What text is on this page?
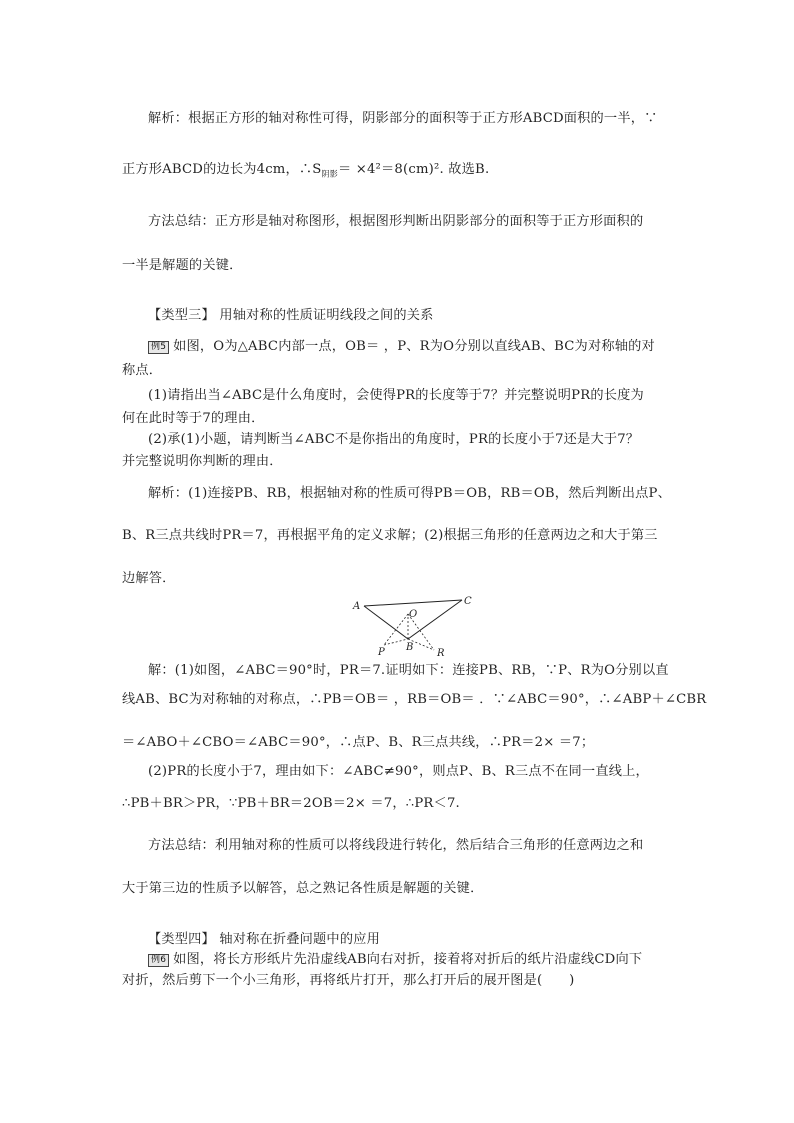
解析：根据正方形的轴对称性可得，阴影部分的面积等于正方形ABCD面积的一半，∵
正方形ABCD的边长为4cm，$\therefore S_{阴影}= \times 4^2=8(cm)^2$. 故选B.
方法总结：正方形是轴对称图形，根据图形判断出阴影部分的面积等于正方形面积的
一半是解题的关键．
【类型三】 用轴对称的性质证明线段之间的关系
例5 如图，O为△ABC内部一点，OB＝ ，P、R为O分别以直线AB、BC为对称轴的对
称点．
(1)请指出当∠ABC是什么角度时，会使得PR的长度等于7？并完整说明PR的长度为
何在此时等于7的理由．
(2)承(1)小题，请判断当∠ABC不是你指出的角度时，PR的长度小于7还是大于7？
并完整说明你判断的理由．
解析：(1)连接PB、RB，根据轴对称的性质可得PB＝OB，RB＝OB，然后判断出点P、
B、R三点共线时PR＝7，再根据平角的定义求解；(2)根据三角形的任意两边之和大于第三
边解答．
A	C
O
P B
R
解：(1)如图，∠ABC＝90°时，PR＝7.证明如下：连接PB、RB，∵P、R为O分别以直
线AB、BC为对称轴的对称点，∴PB＝OB＝ ，RB＝OB＝ ．∵∠ABC＝90°，∴∠ABP＋∠CBR
＝∠ABO＋∠CBO＝∠ABC＝90°，∴点P、B、R三点共线，∴PR＝2× ＝7；
(2)PR的长度小于7，理由如下：∠ABC≠90°，则点P、B、R三点不在同一直线上，
∴PB＋BR＞PR，∵PB＋BR＝2OB＝2× ＝7，∴PR＜7.
方法总结：利用轴对称的性质可以将线段进行转化，然后结合三角形的任意两边之和
大于第三边的性质予以解答，总之熟记各性质是解题的关键．
【类型四】 轴对称在折叠问题中的应用
例6 如图，将长方形纸片先沿虚线AB向右对折，接着将对折后的纸片沿虚线CD向下
对折，然后剪下一个小三角形，再将纸片打开，那么打开后的展开图是(　　)
